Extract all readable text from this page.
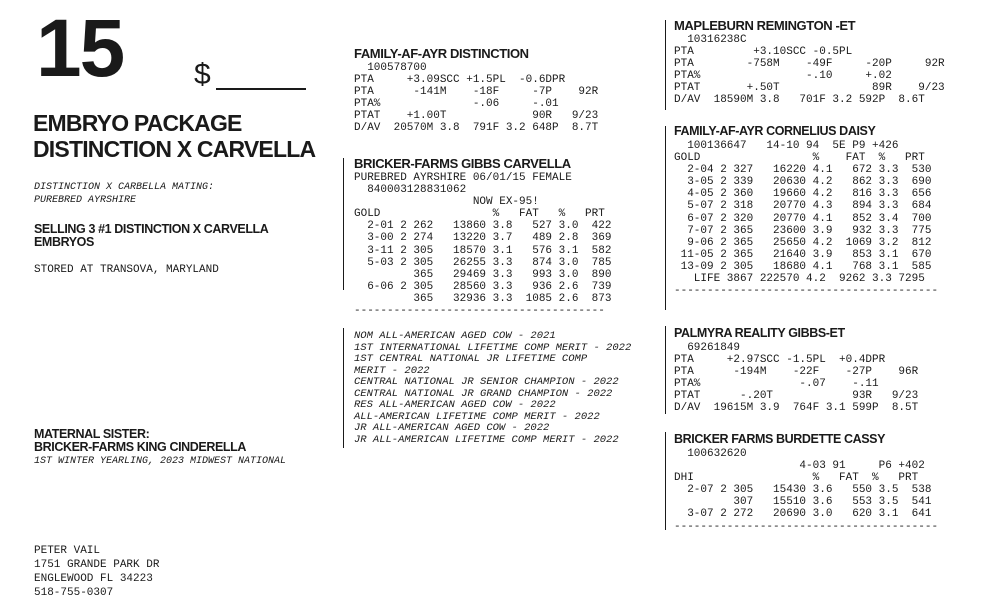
15 $
EMBRYO PACKAGE
DISTINCTION X CARVELLA
DISTINCTION X CARBELLA MATING:
PUREBRED AYRSHIRE
SELLING 3 #1 DISTINCTION X CARVELLA
EMBRYOS
STORED AT TRANSOVA, MARYLAND
MATERNAL SISTER:
BRICKER-FARMS KING CINDERELLA
1ST WINTER YEARLING, 2023 MIDWEST NATIONAL
PETER VAIL
1751 GRANDE PARK DR
ENGLEWOOD FL 34223
518-755-0307
FAMILY-AF-AYR DISTINCTION
100578700
PTA     +3.09SCC +1.5PL  -0.6DPR
PTA      -141M    -18F     -7P    92R
PTA%              -.06     -.01
PTAT    +1.00T             90R   9/23
D/AV  20570M 3.8  791F 3.2 648P  8.7T
BRICKER-FARMS GIBBS CARVELLA
PUREBRED AYRSHIRE 06/01/15 FEMALE
840003128831062
NOW EX-95!
GOLD                 %   FAT   %   PRT
2-01 2 262   13860 3.8   527 3.0  422
3-00 2 274   13220 3.7   489 2.8  369
3-11 2 305   18570 3.1   576 3.1  582
5-03 2 305   26255 3.3   874 3.0  785
365   29469 3.3   993 3.0  890
6-06 2 305   28560 3.3   936 2.6  739
365   32936 3.3  1085 2.6  873
--------------------------------------
NOM ALL-AMERICAN AGED COW - 2021
1ST INTERNATIONAL LIFETIME COMP MERIT - 2022
1ST CENTRAL NATIONAL JR LIFETIME COMP
MERIT - 2022
CENTRAL NATIONAL JR SENIOR CHAMPION - 2022
CENTRAL NATIONAL JR GRAND CHAMPION - 2022
RES ALL-AMERICAN AGED COW - 2022
ALL-AMERICAN LIFETIME COMP MERIT - 2022
JR ALL-AMERICAN AGED COW - 2022
JR ALL-AMERICAN LIFETIME COMP MERIT - 2022
MAPLEBURN REMINGTON -ET
10316238C
PTA         +3.10SCC -0.5PL
PTA        -758M    -49F     -20P     92R
PTA%                -.10     +.02
PTAT       +.50T              89R    9/23
D/AV  18590M 3.8   701F 3.2 592P  8.6T
FAMILY-AF-AYR CORNELIUS DAISY
100136647   14-10 94  5E P9 +426
GOLD                 %    FAT  %   PRT
2-04 2 327   16220 4.1   672 3.3  530
3-05 2 339   20630 4.2   862 3.3  690
4-05 2 360   19660 4.2   816 3.3  656
5-07 2 318   20770 4.3   894 3.3  684
6-07 2 320   20770 4.1   852 3.4  700
7-07 2 365   23600 3.9   932 3.3  775
9-06 2 365   25650 4.2  1069 3.2  812
11-05 2 365   21640 3.9   853 3.1  670
13-09 2 305   18680 4.1   768 3.1  585
LIFE 3867 222570 4.2  9262 3.3 7295
----------------------------------------
PALMYRA REALITY GIBBS-ET
69261849
PTA     +2.97SCC -1.5PL  +0.4DPR
PTA      -194M    -22F    -27P    96R
PTA%               -.07    -.11
PTAT      -.20T            93R   9/23
D/AV  19615M 3.9  764F 3.1 599P  8.5T
BRICKER FARMS BURDETTE CASSY
100632620
4-03 91     P6 +402
DHI                  %   FAT  %   PRT
2-07 2 305   15430 3.6   550 3.5  538
307   15510 3.6   553 3.5  541
3-07 2 272   20690 3.0   620 3.1  641
----------------------------------------
